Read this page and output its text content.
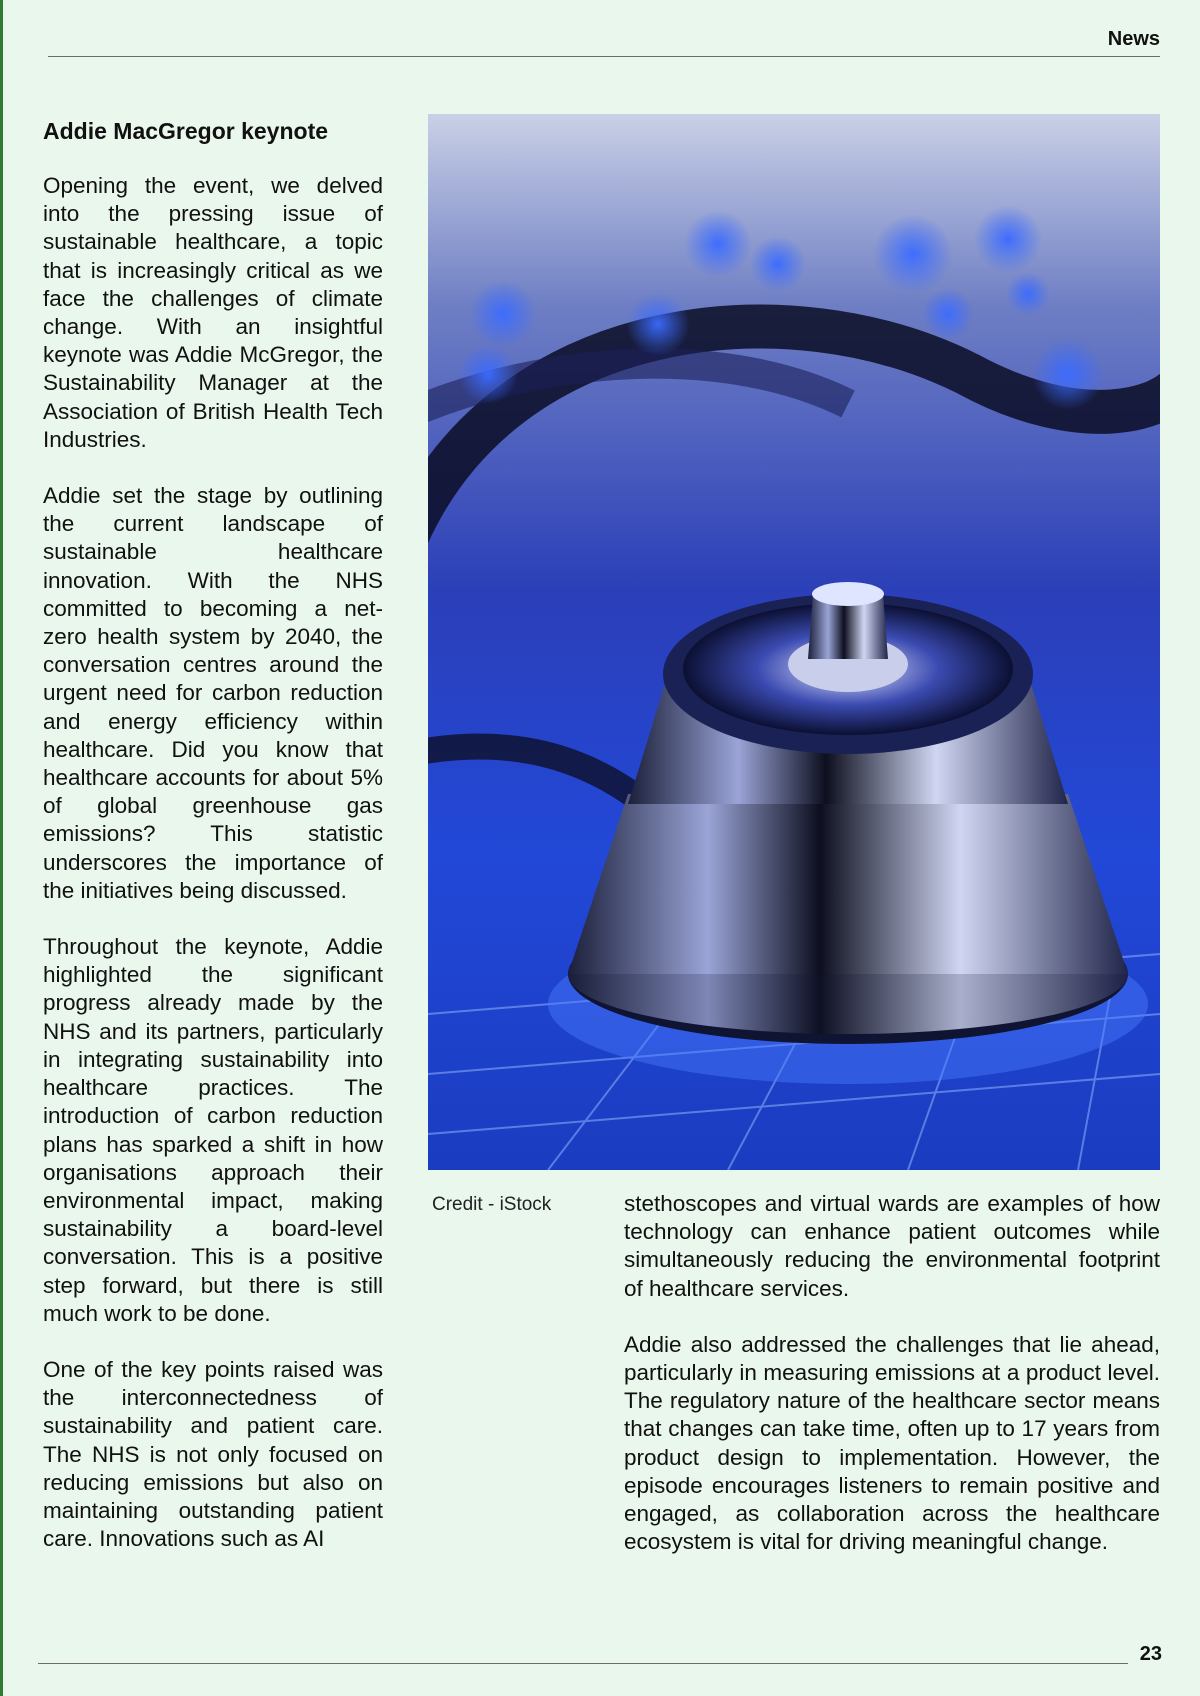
News
Addie MacGregor keynote

Opening the event, we delved into the pressing issue of sustainable healthcare, a topic that is increasingly critical as we face the challenges of climate change. With an insightful keynote was Addie McGregor, the Sustainability Manager at the Association of British Health Tech Industries.

Addie set the stage by outlining the current landscape of sustainable healthcare innovation. With the NHS committed to becoming a net-zero health system by 2040, the conversation centres around the urgent need for carbon reduction and energy efficiency within healthcare. Did you know that healthcare accounts for about 5% of global greenhouse gas emissions? This statistic underscores the importance of the initiatives being discussed.

Throughout the keynote, Addie highlighted the significant progress already made by the NHS and its partners, particularly in integrating sustainability into healthcare practices. The introduction of carbon reduction plans has sparked a shift in how organisations approach their environmental impact, making sustainability a board-level conversation. This is a positive step forward, but there is still much work to be done.

One of the key points raised was the interconnectedness of sustainability and patient care. The NHS is not only focused on reducing emissions but also on maintaining outstanding patient care. Innovations such as AI

Credit - iStock	stethoscopes and virtual wards are examples of how technology can enhance patient outcomes while simultaneously reducing the environmental footprint of healthcare services.

Addie also addressed the challenges that lie ahead, particularly in measuring emissions at a product level. The regulatory nature of the healthcare sector means that changes can take time, often up to 17 years from product design to implementation. However, the episode encourages listeners to remain positive and engaged, as collaboration across the healthcare ecosystem is vital for driving meaningful change.

23
